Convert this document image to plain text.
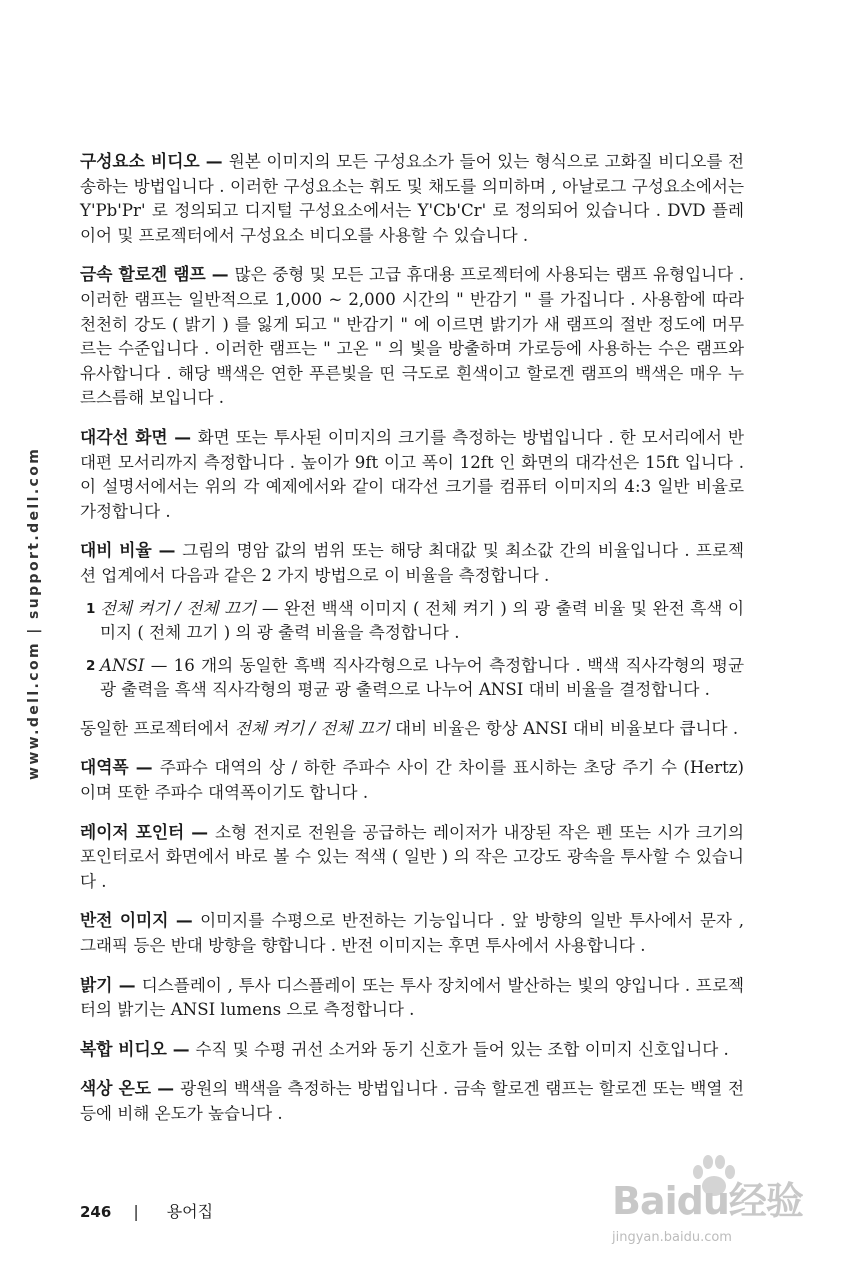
www.dell.com | support.dell.com

구성요소 비디오 — 원본 이미지의 모든 구성요소가 들어 있는 형식으로 고화질 비디오를 전송하는 방법입니다 . 이러한 구성요소는 휘도 및 채도를 의미하며 , 아날로그 구성요소에서는 Y'Pb'Pr' 로 정의되고 디지털 구성요소에서는 Y'Cb'Cr' 로 정의되어 있습니다 . DVD 플레이어 및 프로젝터에서 구성요소 비디오를 사용할 수 있습니다 .

금속 할로겐 램프 — 많은 중형 및 모든 고급 휴대용 프로젝터에 사용되는 램프 유형입니다 . 이러한 램프는 일반적으로 1,000 ~ 2,000 시간의 " 반감기 " 를 가집니다 . 사용함에 따라 천천히 강도 ( 밝기 ) 를 잃게 되고 " 반감기 " 에 이르면 밝기가 새 램프의 절반 정도에 머무르는 수준입니다 . 이러한 램프는 " 고온 " 의 빛을 방출하며 가로등에 사용하는 수은 램프와 유사합니다 . 해당 백색은 연한 푸른빛을 띤 극도로 흰색이고 할로겐 램프의 백색은 매우 누르스름해 보입니다 .

대각선 화면 — 화면 또는 투사된 이미지의 크기를 측정하는 방법입니다 . 한 모서리에서 반대편 모서리까지 측정합니다 . 높이가 9ft 이고 폭이 12ft 인 화면의 대각선은 15ft 입니다 . 이 설명서에서는 위의 각 예제에서와 같이 대각선 크기를 컴퓨터 이미지의 4:3 일반 비율로 가정합니다 .

대비 비율 — 그림의 명암 값의 범위 또는 해당 최대값 및 최소값 간의 비율입니다 . 프로젝션 업계에서 다음과 같은 2 가지 방법으로 이 비율을 측정합니다 .

1 전체 켜기 / 전체 끄기 — 완전 백색 이미지 ( 전체 켜기 ) 의 광 출력 비율 및 완전 흑색 이미지 ( 전체 끄기 ) 의 광 출력 비율을 측정합니다 .

2 ANSI — 16 개의 동일한 흑백 직사각형으로 나누어 측정합니다 . 백색 직사각형의 평균 광 출력을 흑색 직사각형의 평균 광 출력으로 나누어 ANSI 대비 비율을 결정합니다 .

동일한 프로젝터에서 전체 켜기 / 전체 끄기 대비 비율은 항상 ANSI 대비 비율보다 큽니다 .

대역폭 — 주파수 대역의 상 / 하한 주파수 사이 간 차이를 표시하는 초당 주기 수 (Hertz) 이며 또한 주파수 대역폭이기도 합니다 .

레이저 포인터 — 소형 전지로 전원을 공급하는 레이저가 내장된 작은 펜 또는 시가 크기의 포인터로서 화면에서 바로 볼 수 있는 적색 ( 일반 ) 의 작은 고강도 광속을 투사할 수 있습니다 .

반전 이미지 — 이미지를 수평으로 반전하는 기능입니다 . 앞 방향의 일반 투사에서 문자 , 그래픽 등은 반대 방향을 향합니다 . 반전 이미지는 후면 투사에서 사용합니다 .

밝기 — 디스플레이 , 투사 디스플레이 또는 투사 장치에서 발산하는 빛의 양입니다 . 프로젝터의 밝기는 ANSI lumens 으로 측정합니다 .

복합 비디오 — 수직 및 수평 귀선 소거와 동기 신호가 들어 있는 조합 이미지 신호입니다 .

색상 온도 — 광원의 백색을 측정하는 방법입니다 . 금속 할로겐 램프는 할로겐 또는 백열 전등에 비해 온도가 높습니다 .

246 | 용어집	Baidu经验
jingyan.baidu.com
